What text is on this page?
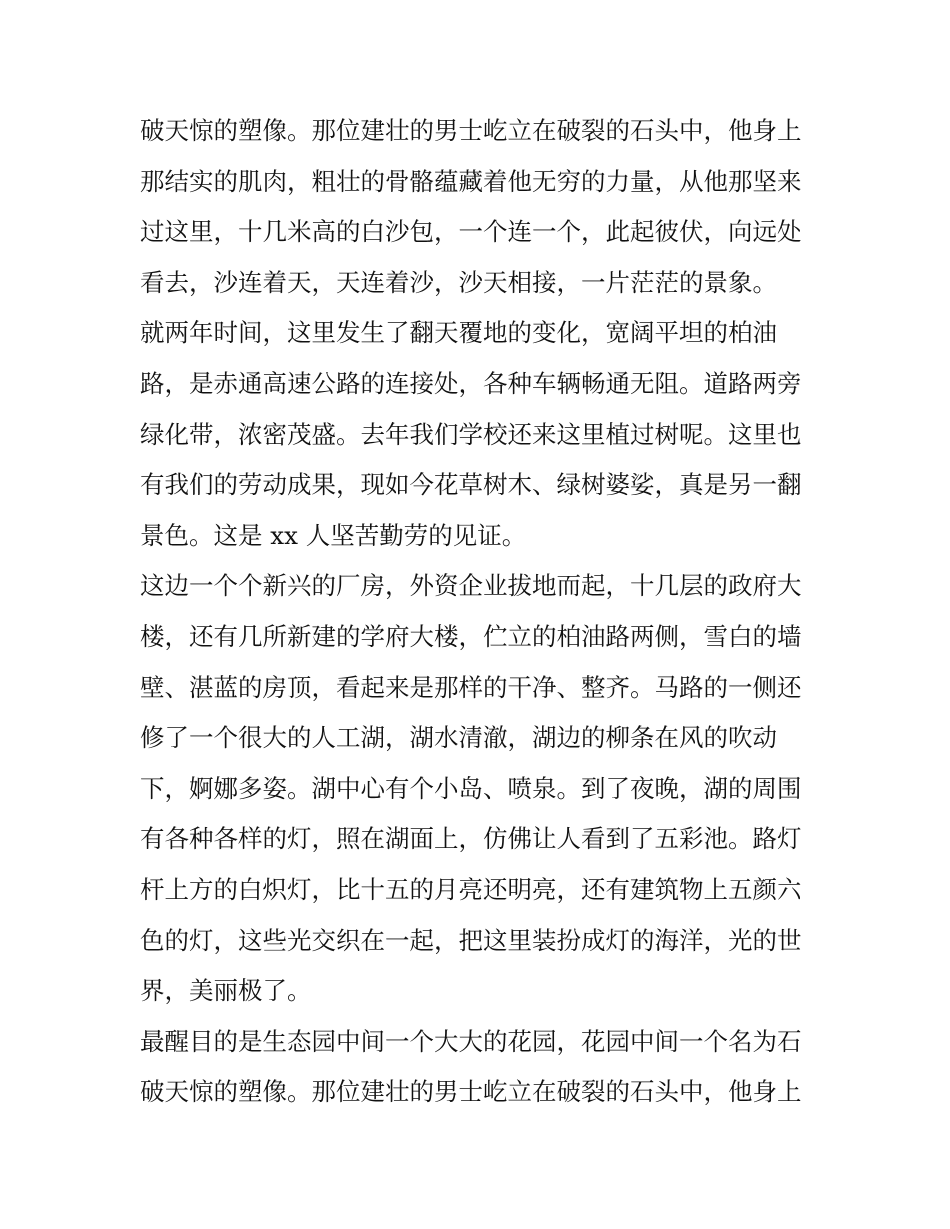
破天惊的塑像。那位建壮的男士屹立在破裂的石头中，他身上
那结实的肌肉，粗壮的骨骼蕴藏着他无穷的力量，从他那坚来
过这里，十几米高的白沙包，一个连一个，此起彼伏，向远处
看去，沙连着天，天连着沙，沙天相接，一片茫茫的景象。
就两年时间，这里发生了翻天覆地的变化，宽阔平坦的柏油
路，是赤通高速公路的连接处，各种车辆畅通无阻。道路两旁
绿化带，浓密茂盛。去年我们学校还来这里植过树呢。这里也
有我们的劳动成果，现如今花草树木、绿树婆娑，真是另一翻
景色。这是 xx 人坚苦勤劳的见证。
这边一个个新兴的厂房，外资企业拔地而起，十几层的政府大
楼，还有几所新建的学府大楼，伫立的柏油路两侧，雪白的墙
壁、湛蓝的房顶，看起来是那样的干净、整齐。马路的一侧还
修了一个很大的人工湖，湖水清澈，湖边的柳条在风的吹动
下，婀娜多姿。湖中心有个小岛、喷泉。到了夜晚，湖的周围
有各种各样的灯，照在湖面上，仿佛让人看到了五彩池。路灯
杆上方的白炽灯，比十五的月亮还明亮，还有建筑物上五颜六
色的灯，这些光交织在一起，把这里装扮成灯的海洋，光的世
界，美丽极了。
最醒目的是生态园中间一个大大的花园，花园中间一个名为石
破天惊的塑像。那位建壮的男士屹立在破裂的石头中，他身上
